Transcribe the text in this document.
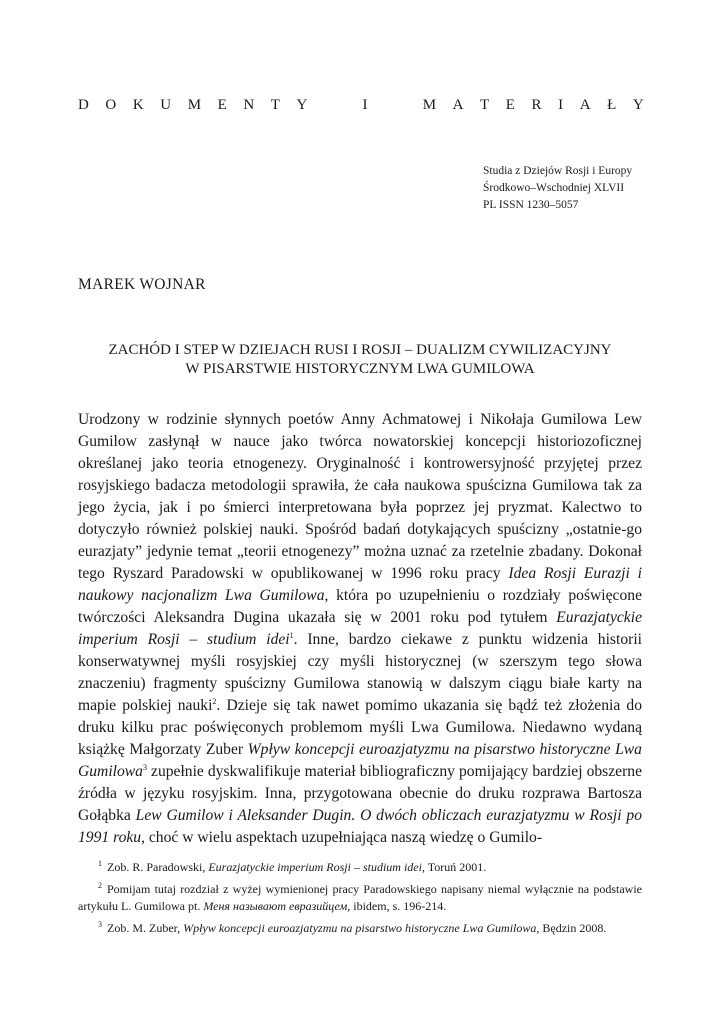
D O K U M E N T Y	I	M A T E R I A Ł Y
Studia z Dziejów Rosji i Europy
Środkowo–Wschodniej XLVII
PL ISSN 1230–5057
MAREK WOJNAR
ZACHÓD I STEP W DZIEJACH RUSI I ROSJI – DUALIZM CYWILIZACYJNY
W PISARSTWIE HISTORYCZNYM LWA GUMILOWA
Urodzony w rodzinie słynnych poetów Anny Achmatowej i Nikołaja Gumilowa Lew Gumilow zasłynął w nauce jako twórca nowatorskiej koncepcji historiozoficznej określanej jako teoria etnogenezy. Oryginalność i kontrowersyjność przyjętej przez rosyjskiego badacza metodologii sprawiła, że cała naukowa spuścizna Gumilowa tak za jego życia, jak i po śmierci interpretowana była poprzez jej pryzmat. Kalectwo to dotyczyło również polskiej nauki. Spośród badań dotykających spuścizny „ostatnie-go eurazjaty” jedynie temat „teorii etnogenezy” można uznać za rzetelnie zbadany. Dokonał tego Ryszard Paradowski w opublikowanej w 1996 roku pracy Idea Rosji Eurazji i naukowy nacjonalizm Lwa Gumilowa, która po uzupełnieniu o rozdziały poświęcone twórczości Aleksandra Dugina ukazała się w 2001 roku pod tytułem Eurazjatyckie imperium Rosji – studium idei$^1$. Inne, bardzo ciekawe z punktu widzenia historii konserwatywnej myśli rosyjskiej czy myśli historycznej (w szerszym tego słowa znaczeniu) fragmenty spuścizny Gumilowa stanowią w dalszym ciągu białe karty na mapie polskiej nauki$^2$. Dzieje się tak nawet pomimo ukazania się bądź też złożenia do druku kilku prac poświęconych problemom myśli Lwa Gumilowa. Niedawno wydaną książkę Małgorzaty Zuber Wpływ koncepcji euroazjatyzmu na pisarstwo historyczne Lwa Gumilowa$^3$ zupełnie dyskwalifikuje materiał bibliograficzny pomijający bardziej obszerne źródła w języku rosyjskim. Inna, przygotowana obecnie do druku rozprawa Bartosza Gołąbka Lew Gumilow i Aleksander Dugin. O dwóch obliczach eurazjatyzmu w Rosji po 1991 roku, choć w wielu aspektach uzupełniająca naszą wiedzę o Gumilo-
$^1$ Zob. R. Paradowski, Eurazjatyckie imperium Rosji – studium idei, Toruń 2001.
$^2$ Pomijam tutaj rozdział z wyżej wymienionej pracy Paradowskiego napisany niemal wyłącznie na podstawie artykułu L. Gumilowa pt. Меня называют евразийцем, ibidem, s. 196-214.
$^3$ Zob. M. Zuber, Wpływ koncepcji euroazjatyzmu na pisarstwo historyczne Lwa Gumilowa, Będzin 2008.
